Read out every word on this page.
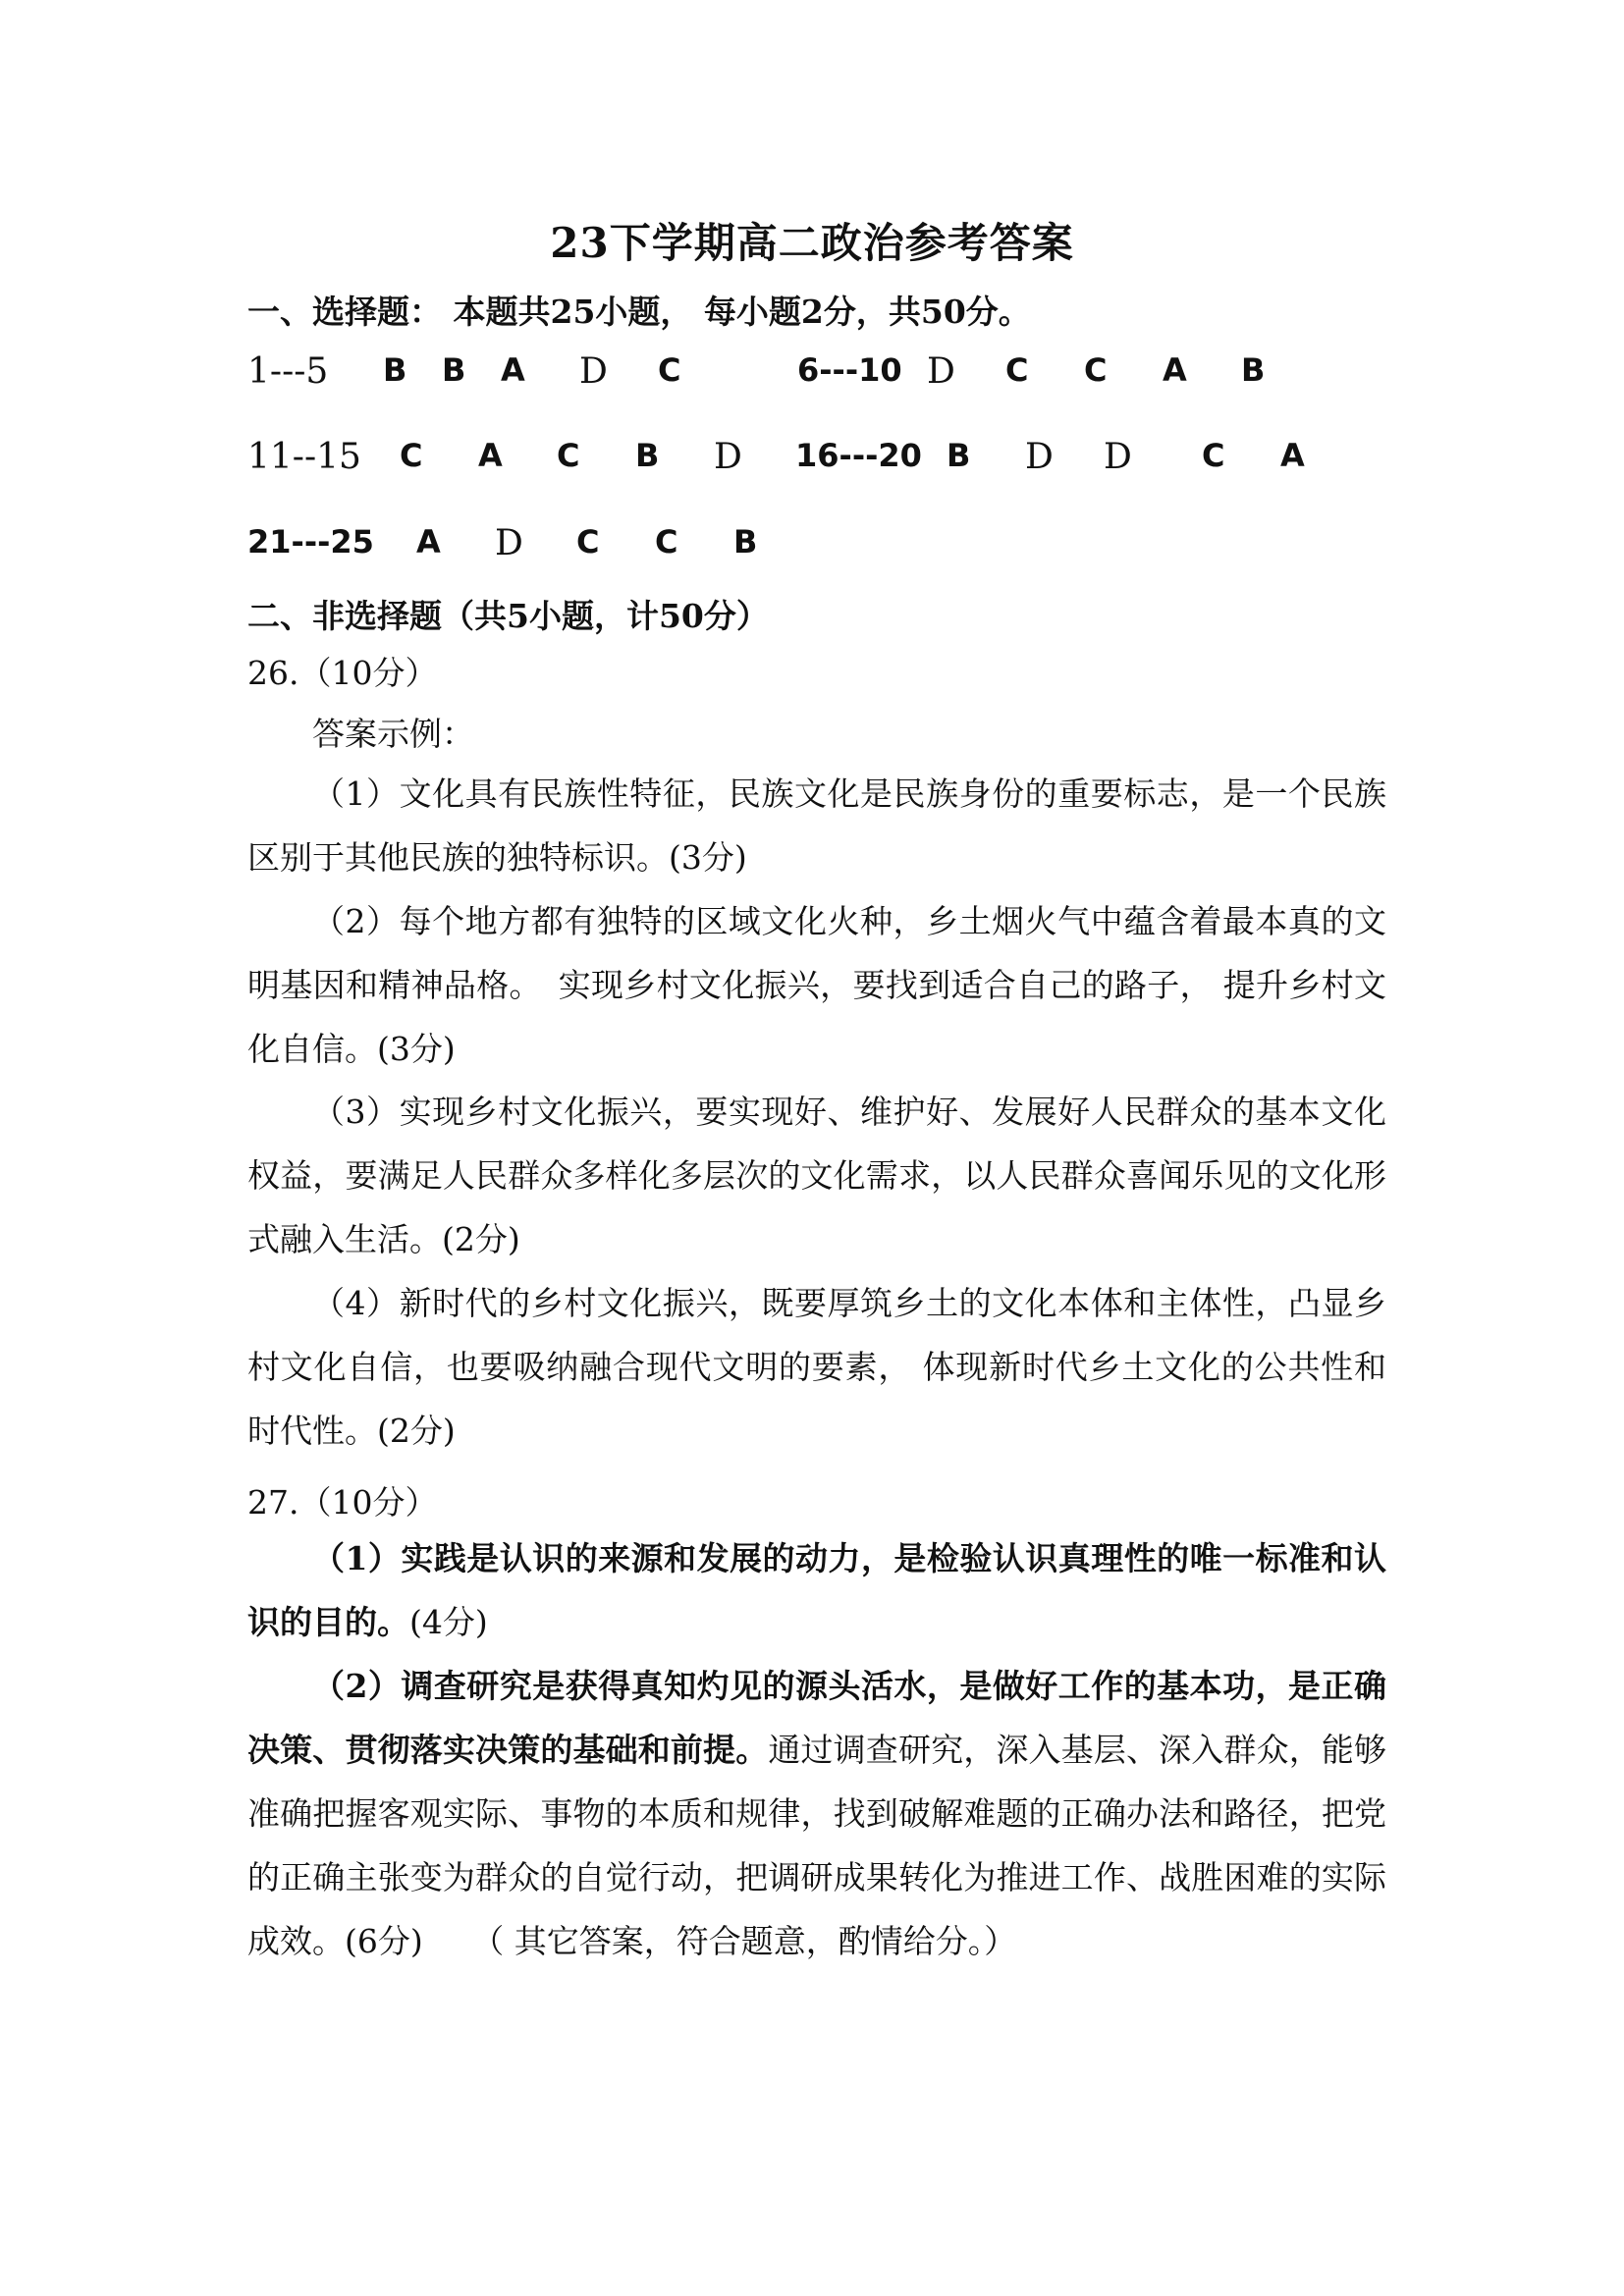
23下学期高二政治参考答案
一、选择题： 本题共25小题， 每小题2分，共50分。
1---5 B B A D C	6---10 D C C A B
11--15 C A C B D 16---20 B D D C A
21---25 A D C C B
二、非选择题（共5小题，计50分）
26.（10分）
答案示例：
（1）文化具有民族性特征，民族文化是民族身份的重要标志，是一个民族区别于其他民族的独特标识。(3分)
（2）每个地方都有独特的区域文化火种，乡土烟火气中蕴含着最本真的文明基因和精神品格。　实现乡村文化振兴，要找到适合自己的路子， 提升乡村文化自信。(3分)
（3）实现乡村文化振兴，要实现好、维护好、发展好人民群众的基本文化权益，要满足人民群众多样化多层次的文化需求，以人民群众喜闻乐见的文化形式融入生活。(2分)
（4）新时代的乡村文化振兴，既要厚筑乡土的文化本体和主体性，凸显乡村文化自信，也要吸纳融合现代文明的要素， 体现新时代乡土文化的公共性和时代性。(2分)
27.（10分）
（1）实践是认识的来源和发展的动力，是检验认识真理性的唯一标准和认识的目的。(4分)
（2）调查研究是获得真知灼见的源头活水，是做好工作的基本功，是正确决策、贯彻落实决策的基础和前提。通过调查研究，深入基层、深入群众，能够准确把握客观实际、事物的本质和规律，找到破解难题的正确办法和路径，把党的正确主张变为群众的自觉行动，把调研成果转化为推进工作、战胜困难的实际成效。(6分)　　（ 其它答案，符合题意，酌情给分。）
